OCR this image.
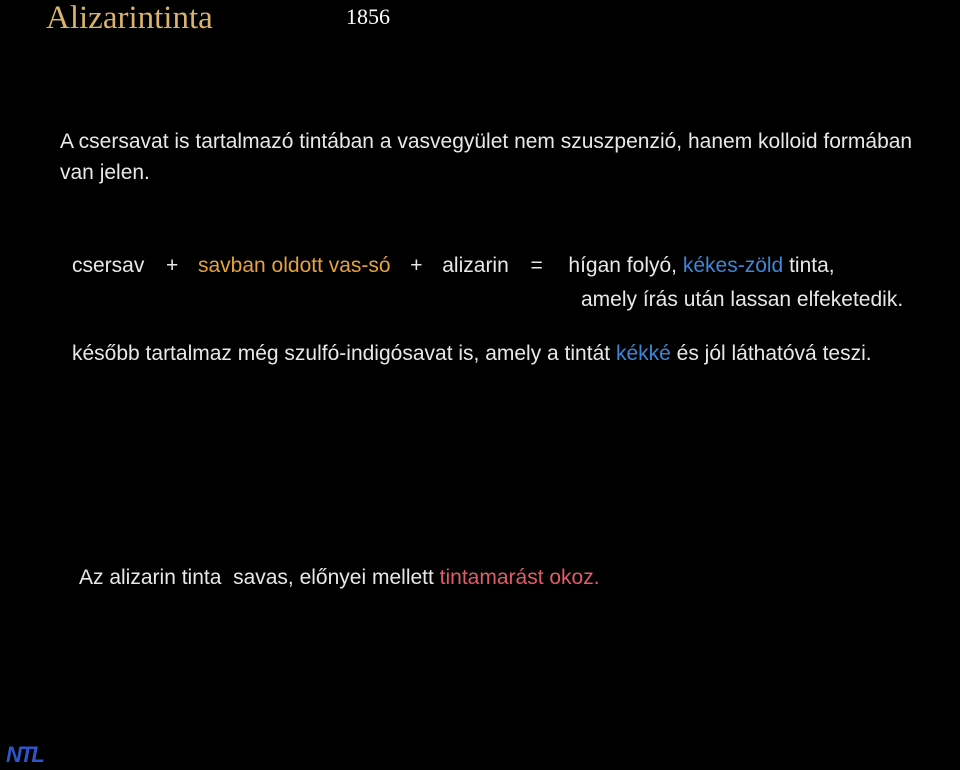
Alizarintinta	1856
A csersavat is tartalmazó tintában a vasvegyület nem szuszpenzió, hanem kolloid formában van jelen.
csersav + savban oldott vas-só + alizarin = hígan folyó, kékes-zöld tinta,
amely írás után lassan elfeketedik.
később tartalmaz még szulfó-indigósavat is, amely a tintát kékké és jól láthatóvá teszi.
Az alizarin tinta  savas, előnyei mellett tintamarást okoz.
NTL
